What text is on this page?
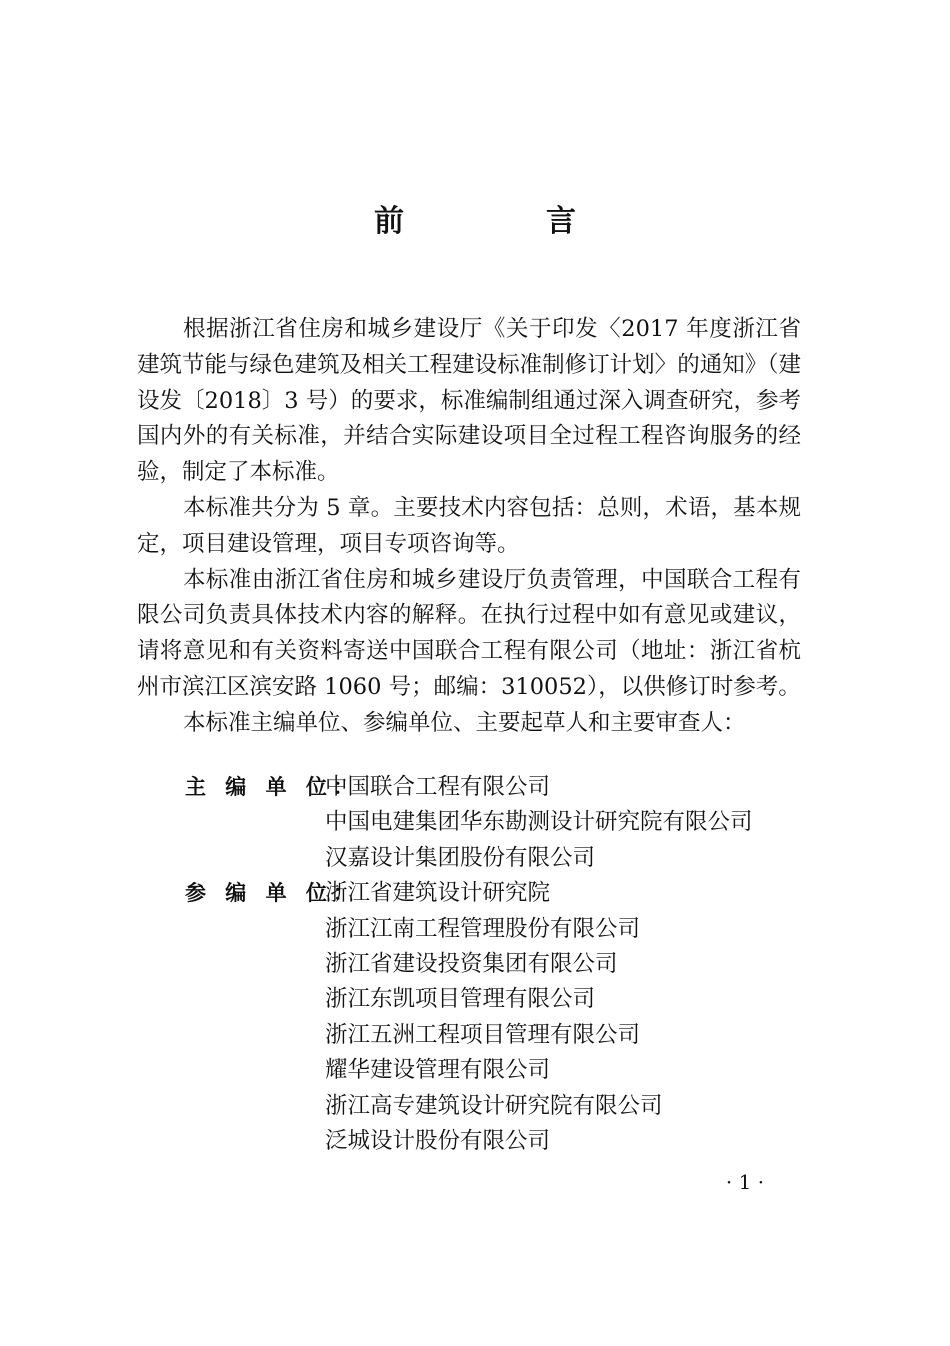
前　言

根据浙江省住房和城乡建设厅《关于印发〈2017 年度浙江省建筑节能与绿色建筑及相关工程建设标准制修订计划〉的通知》（建设发〔2018〕3 号）的要求，标准编制组通过深入调查研究，参考国内外的有关标准，并结合实际建设项目全过程工程咨询服务的经验，制定了本标准。

本标准共分为 5 章。主要技术内容包括：总则，术语，基本规定，项目建设管理，项目专项咨询等。

本标准由浙江省住房和城乡建设厅负责管理，中国联合工程有限公司负责具体技术内容的解释。在执行过程中如有意见或建议，请将意见和有关资料寄送中国联合工程有限公司（地址：浙江省杭州市滨江区滨安路 1060 号；邮编：310052），以供修订时参考。

本标准主编单位、参编单位、主要起草人和主要审查人：

主 编 单 位：
中国联合工程有限公司
中国电建集团华东勘测设计研究院有限公司
汉嘉设计集团股份有限公司
参 编 单 位：
浙江省建筑设计研究院
浙江江南工程管理股份有限公司
浙江省建设投资集团有限公司
浙江东凯项目管理有限公司
浙江五洲工程项目管理有限公司
耀华建设管理有限公司
浙江高专建筑设计研究院有限公司
泛城设计股份有限公司
· 1 ·
